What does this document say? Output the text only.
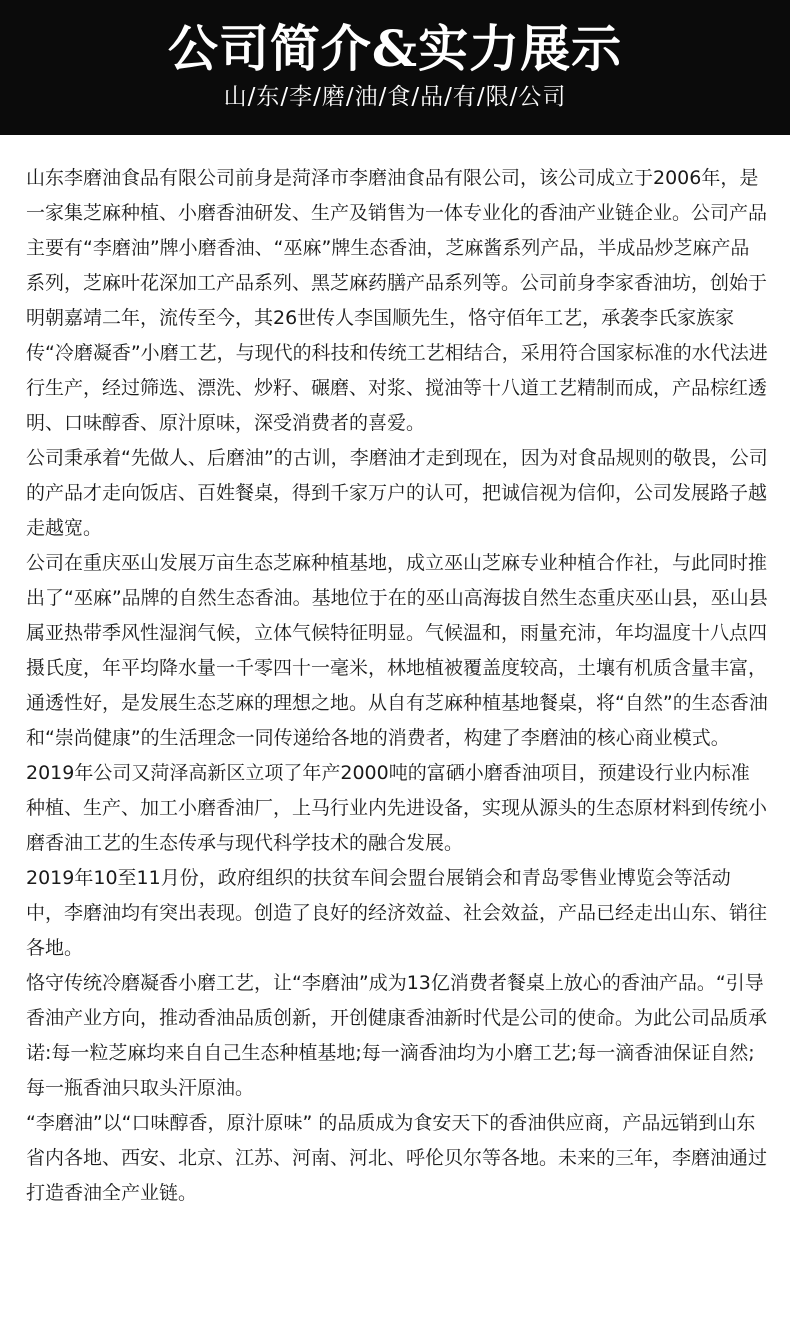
公司简介&实力展示
山/东/李/磨/油/食/品/有/限/公司

山东李磨油食品有限公司前身是菏泽市李磨油食品有限公司，该公司成立于2006年，是一家集芝麻种植、小磨香油研发、生产及销售为一体专业化的香油产业链企业。公司产品主要有“李磨油”牌小磨香油、“巫麻”牌生态香油，芝麻酱系列产品，半成品炒芝麻产品系列，芝麻叶花深加工产品系列、黑芝麻药膳产品系列等。公司前身李家香油坊，创始于明朝嘉靖二年，流传至今，其26世传人李国顺先生，恪守佰年工艺，承袭李氏家族家传“冷磨凝香”小磨工艺，与现代的科技和传统工艺相结合，采用符合国家标准的水代法进行生产，经过筛选、漂洗、炒籽、碾磨、对浆、搅油等十八道工艺精制而成，产品棕红透明、口味醇香、原汁原味，深受消费者的喜爱。

公司秉承着“先做人、后磨油”的古训，李磨油才走到现在，因为对食品规则的敬畏，公司的产品才走向饭店、百姓餐桌，得到千家万户的认可，把诚信视为信仰，公司发展路子越走越宽。

公司在重庆巫山发展万亩生态芝麻种植基地，成立巫山芝麻专业种植合作社，与此同时推出了“巫麻”品牌的自然生态香油。基地位于在的巫山高海拔自然生态重庆巫山县，巫山县属亚热带季风性湿润气候，立体气候特征明显。气候温和，雨量充沛，年均温度十八点四摄氏度，年平均降水量一千零四十一毫米，林地植被覆盖度较高，土壤有机质含量丰富，通透性好，是发展生态芝麻的理想之地。从自有芝麻种植基地餐桌，将“自然”的生态香油和“崇尚健康”的生活理念一同传递给各地的消费者，构建了李磨油的核心商业模式。

2019年公司又菏泽高新区立项了年产2000吨的富硒小磨香油项目，预建设行业内标准种植、生产、加工小磨香油厂，上马行业内先进设备，实现从源头的生态原材料到传统小磨香油工艺的生态传承与现代科学技术的融合发展。

2019年10至11月份，政府组织的扶贫车间会盟台展销会和青岛零售业博览会等活动中，李磨油均有突出表现。创造了良好的经济效益、社会效益，产品已经走出山东、销往各地。

恪守传统冷磨凝香小磨工艺，让“李磨油”成为13亿消费者餐桌上放心的香油产品。“引导香油产业方向，推动香油品质创新，开创健康香油新时代是公司的使命。为此公司品质承诺:每一粒芝麻均来自自己生态种植基地;每一滴香油均为小磨工艺;每一滴香油保证自然;每一瓶香油只取头汗原油。

“李磨油”以“口味醇香，原汁原味” 的品质成为食安天下的香油供应商，产品远销到山东省内各地、西安、北京、江苏、河南、河北、呼伦贝尔等各地。未来的三年，李磨油通过打造香油全产业链。
